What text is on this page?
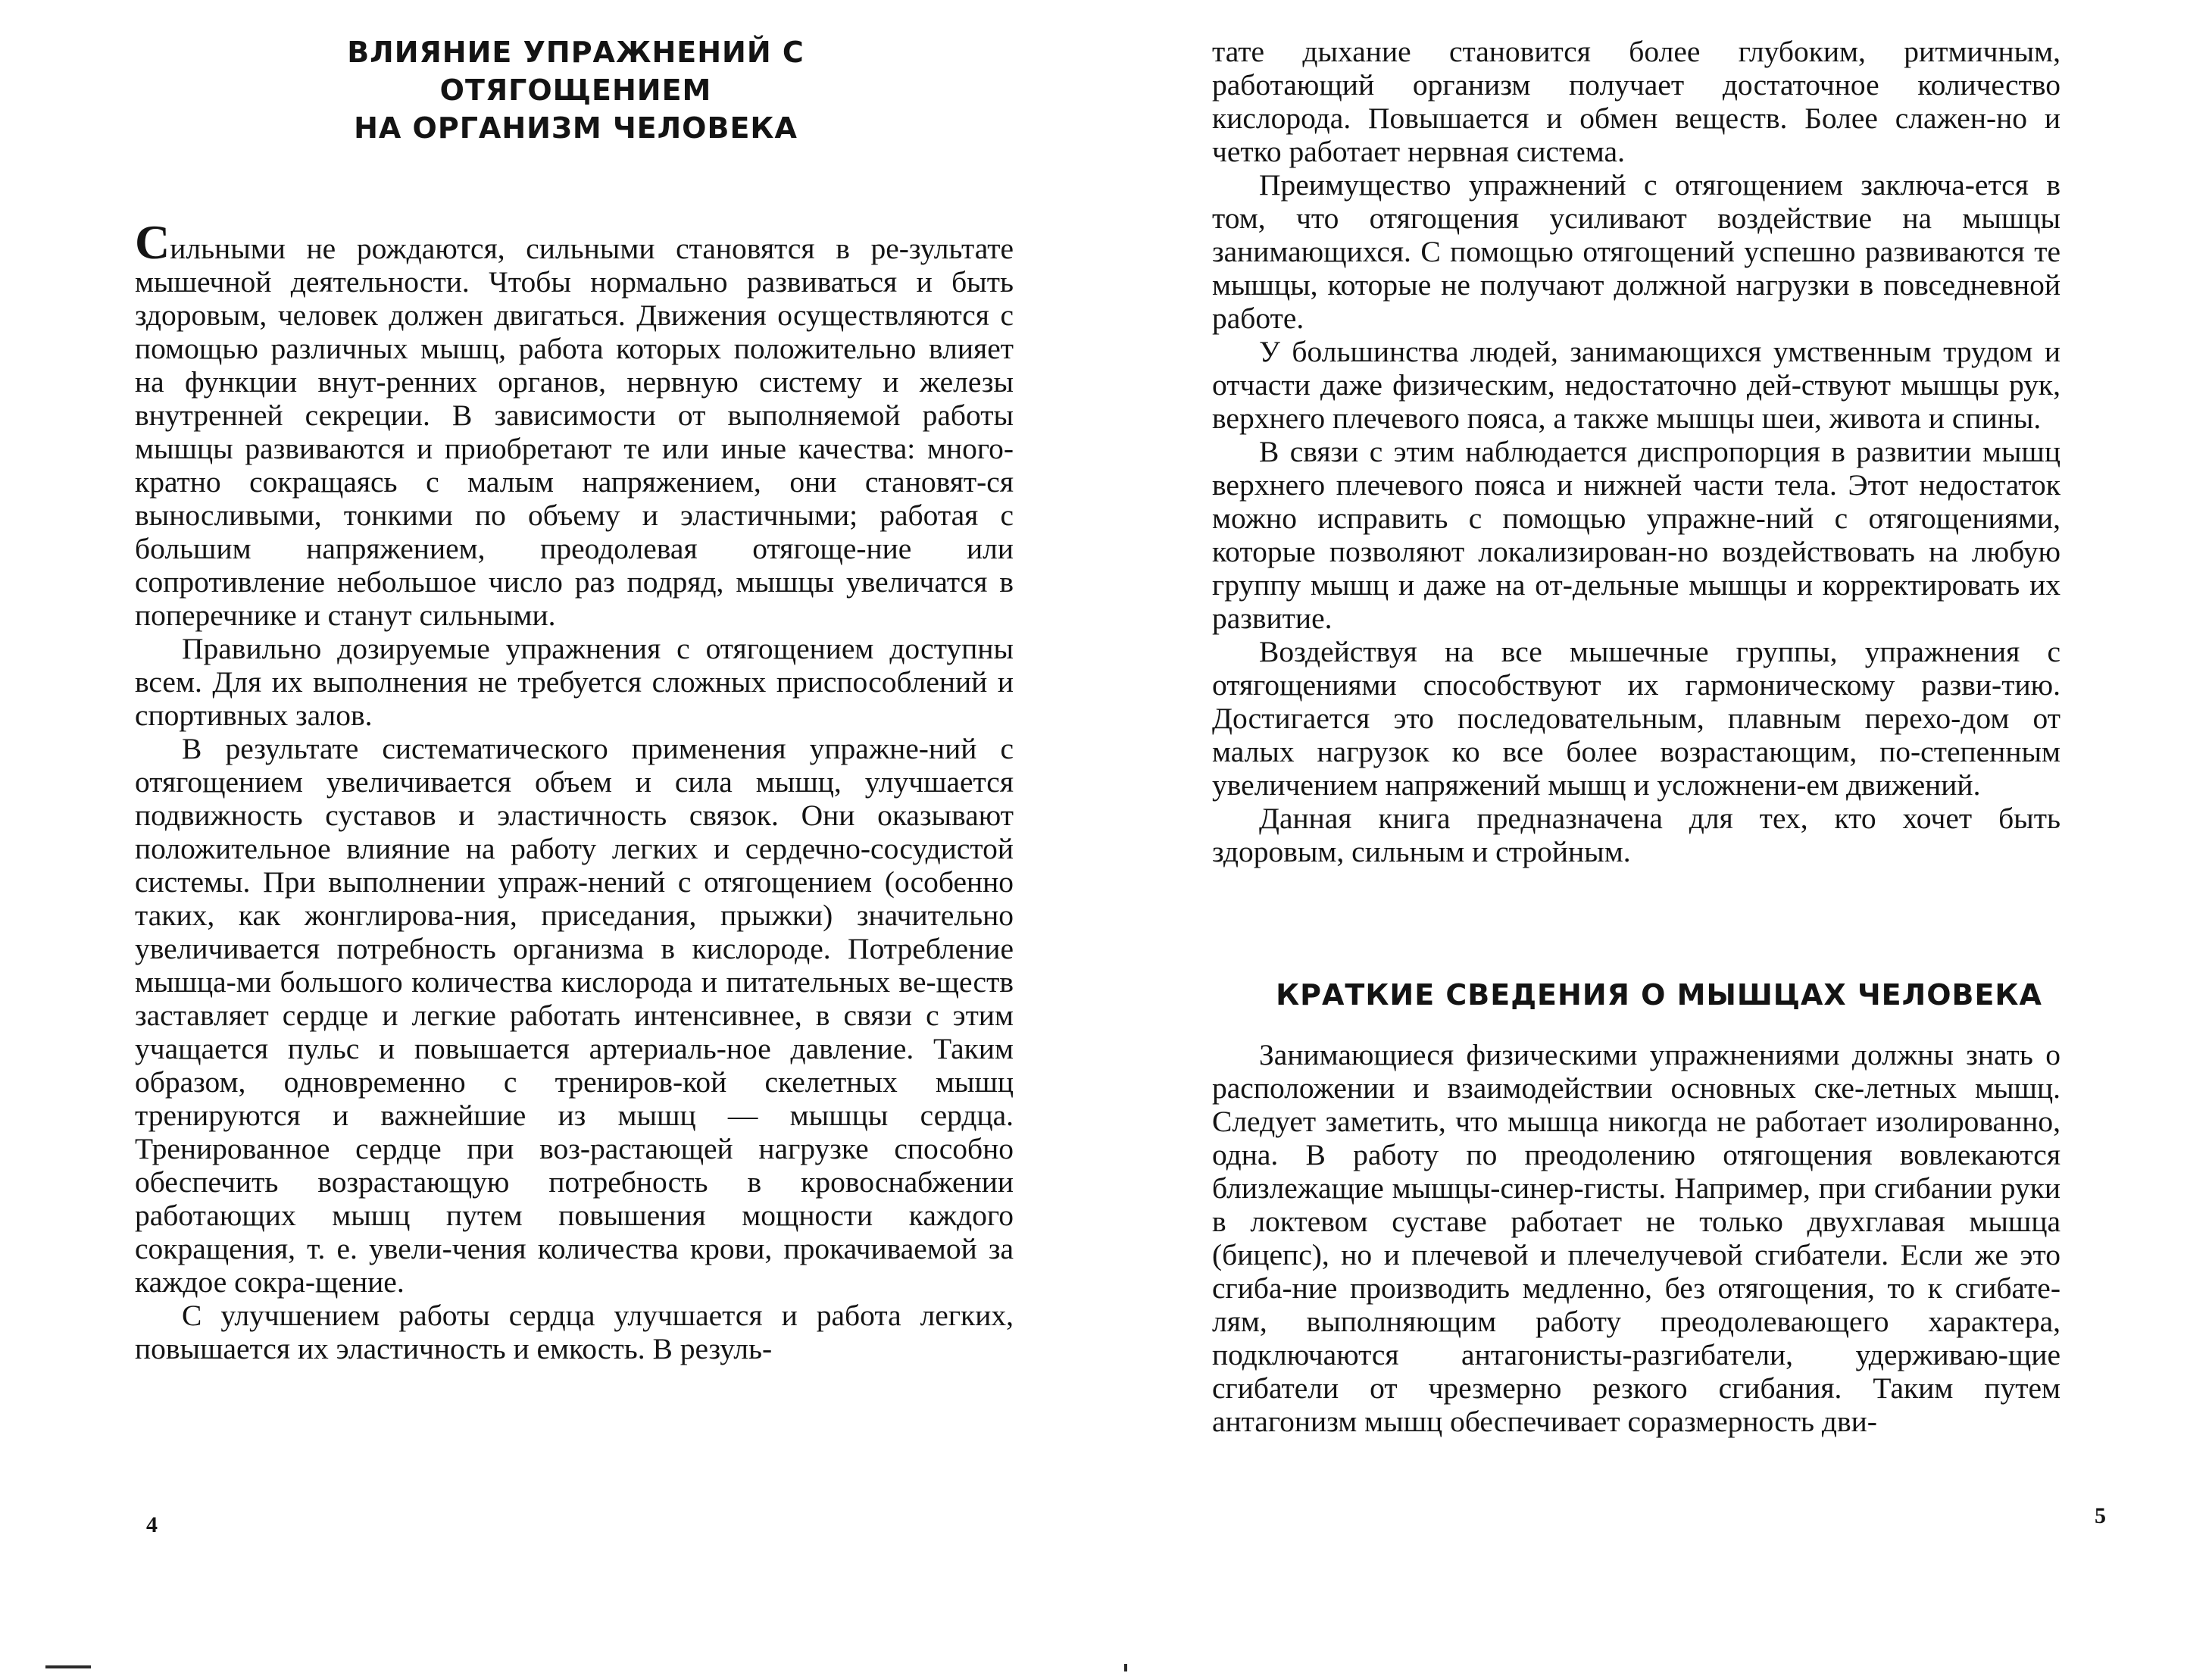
ВЛИЯНИЕ УПРАЖНЕНИЙ С ОТЯГОЩЕНИЕМ
НА ОРГАНИЗМ ЧЕЛОВЕКА

Сильными не рождаются, сильными становятся в ре-зультате мышечной деятельности. Чтобы нормально развиваться и быть здоровым, человек должен двигаться. Движения осуществляются с помощью различных мышц, работа которых положительно влияет на функции внут-ренних органов, нервную систему и железы внутренней секреции. В зависимости от выполняемой работы мышцы развиваются и приобретают те или иные качества: много-кратно сокращаясь с малым напряжением, они становят-ся выносливыми, тонкими по объему и эластичными; работая с большим напряжением, преодолевая отягоще-ние или сопротивление небольшое число раз подряд, мышцы увеличатся в поперечнике и станут сильными.

Правильно дозируемые упражнения с отягощением доступны всем. Для их выполнения не требуется сложных приспособлений и спортивных залов.

В результате систематического применения упражне-ний с отягощением увеличивается объем и сила мышц, улучшается подвижность суставов и эластичность связок. Они оказывают положительное влияние на работу легких и сердечно-сосудистой системы. При выполнении упраж-нений с отягощением (особенно таких, как жонглирова-ния, приседания, прыжки) значительно увеличивается потребность организма в кислороде. Потребление мышца-ми большого количества кислорода и питательных ве-ществ заставляет сердце и легкие работать интенсивнее, в связи с этим учащается пульс и повышается артериаль-ное давление. Таким образом, одновременно с трениров-кой скелетных мышц тренируются и важнейшие из мышц — мышцы сердца. Тренированное сердце при воз-растающей нагрузке способно обеспечить возрастающую потребность в кровоснабжении работающих мышц путем повышения мощности каждого сокращения, т. е. увели-чения количества крови, прокачиваемой за каждое сокра-щение.

С улучшением работы сердца улучшается и работа легких, повышается их эластичность и емкость. В резуль-

4

тате дыхание становится более глубоким, ритмичным, работающий организм получает достаточное количество кислорода. Повышается и обмен веществ. Более слажен-но и четко работает нервная система.

Преимущество упражнений с отягощением заключа-ется в том, что отягощения усиливают воздействие на мышцы занимающихся. С помощью отягощений успешно развиваются те мышцы, которые не получают должной нагрузки в повседневной работе.

У большинства людей, занимающихся умственным трудом и отчасти даже физическим, недостаточно дей-ствуют мышцы рук, верхнего плечевого пояса, а также мышцы шеи, живота и спины.

В связи с этим наблюдается диспропорция в развитии мышц верхнего плечевого пояса и нижней части тела. Этот недостаток можно исправить с помощью упражне-ний с отягощениями, которые позволяют локализирован-но воздействовать на любую группу мышц и даже на от-дельные мышцы и корректировать их развитие.

Воздействуя на все мышечные группы, упражнения с отягощениями способствуют их гармоническому разви-тию. Достигается это последовательным, плавным перехо-дом от малых нагрузок ко все более возрастающим, по-степенным увеличением напряжений мышц и усложнени-ем движений.

Данная книга предназначена для тех, кто хочет быть здоровым, сильным и стройным.

КРАТКИЕ СВЕДЕНИЯ О МЫШЦАХ ЧЕЛОВЕКА

Занимающиеся физическими упражнениями должны знать о расположении и взаимодействии основных ске-летных мышц. Следует заметить, что мышца никогда не работает изолированно, одна. В работу по преодолению отягощения вовлекаются близлежащие мышцы-синер-гисты. Например, при сгибании руки в локтевом суставе работает не только двухглавая мышца (бицепс), но и плечевой и плечелучевой сгибатели. Если же это сгиба-ние производить медленно, без отягощения, то к сгибате-лям, выполняющим работу преодолевающего характера, подключаются антагонисты-разгибатели, удерживаю-щие сгибатели от чрезмерно резкого сгибания. Таким путем антагонизм мышц обеспечивает соразмерность дви-

5
